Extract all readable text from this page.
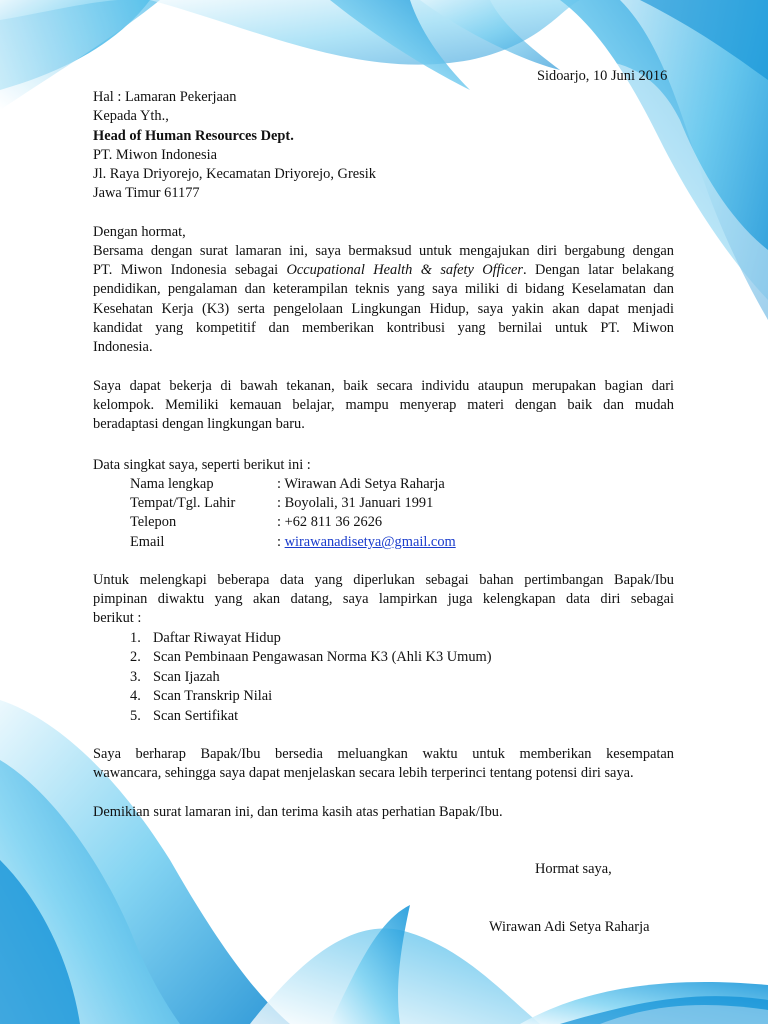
Sidoarjo, 10 Juni 2016
Hal : Lamaran Pekerjaan
Kepada Yth.,
Head of Human Resources Dept.
PT. Miwon Indonesia
Jl. Raya Driyorejo, Kecamatan Driyorejo, Gresik
Jawa Timur 61177
Dengan hormat,
Bersama dengan surat lamaran ini, saya bermaksud untuk mengajukan diri bergabung dengan
PT. Miwon Indonesia sebagai Occupational Health & safety Officer. Dengan latar belakang
pendidikan, pengalaman dan keterampilan teknis yang saya miliki di bidang Keselamatan dan
Kesehatan Kerja (K3) serta pengelolaan Lingkungan Hidup, saya yakin akan dapat menjadi
kandidat yang kompetitif dan memberikan kontribusi yang bernilai untuk PT. Miwon
Indonesia.
Saya dapat bekerja di bawah tekanan, baik secara individu ataupun merupakan bagian dari
kelompok. Memiliki kemauan belajar, mampu menyerap materi dengan baik dan mudah
beradaptasi dengan lingkungan baru.
Data singkat saya, seperti berikut ini :
Nama lengkap	: Wirawan Adi Setya Raharja
Tempat/Tgl. Lahir	: Boyolali, 31 Januari 1991
Telepon	: +62 811 36 2626
Email	: wirawanadisetya@gmail.com
Untuk melengkapi beberapa data yang diperlukan sebagai bahan pertimbangan Bapak/Ibu
pimpinan diwaktu yang akan datang, saya lampirkan juga kelengkapan data diri sebagai
berikut :
1. Daftar Riwayat Hidup
2. Scan Pembinaan Pengawasan Norma K3 (Ahli K3 Umum)
3. Scan Ijazah
4. Scan Transkrip Nilai
5. Scan Sertifikat
Saya berharap Bapak/Ibu bersedia meluangkan waktu untuk memberikan kesempatan
wawancara, sehingga saya dapat menjelaskan secara lebih terperinci tentang potensi diri saya.
Demikian surat lamaran ini, dan terima kasih atas perhatian Bapak/Ibu.
Hormat saya,
Wirawan Adi Setya Raharja
